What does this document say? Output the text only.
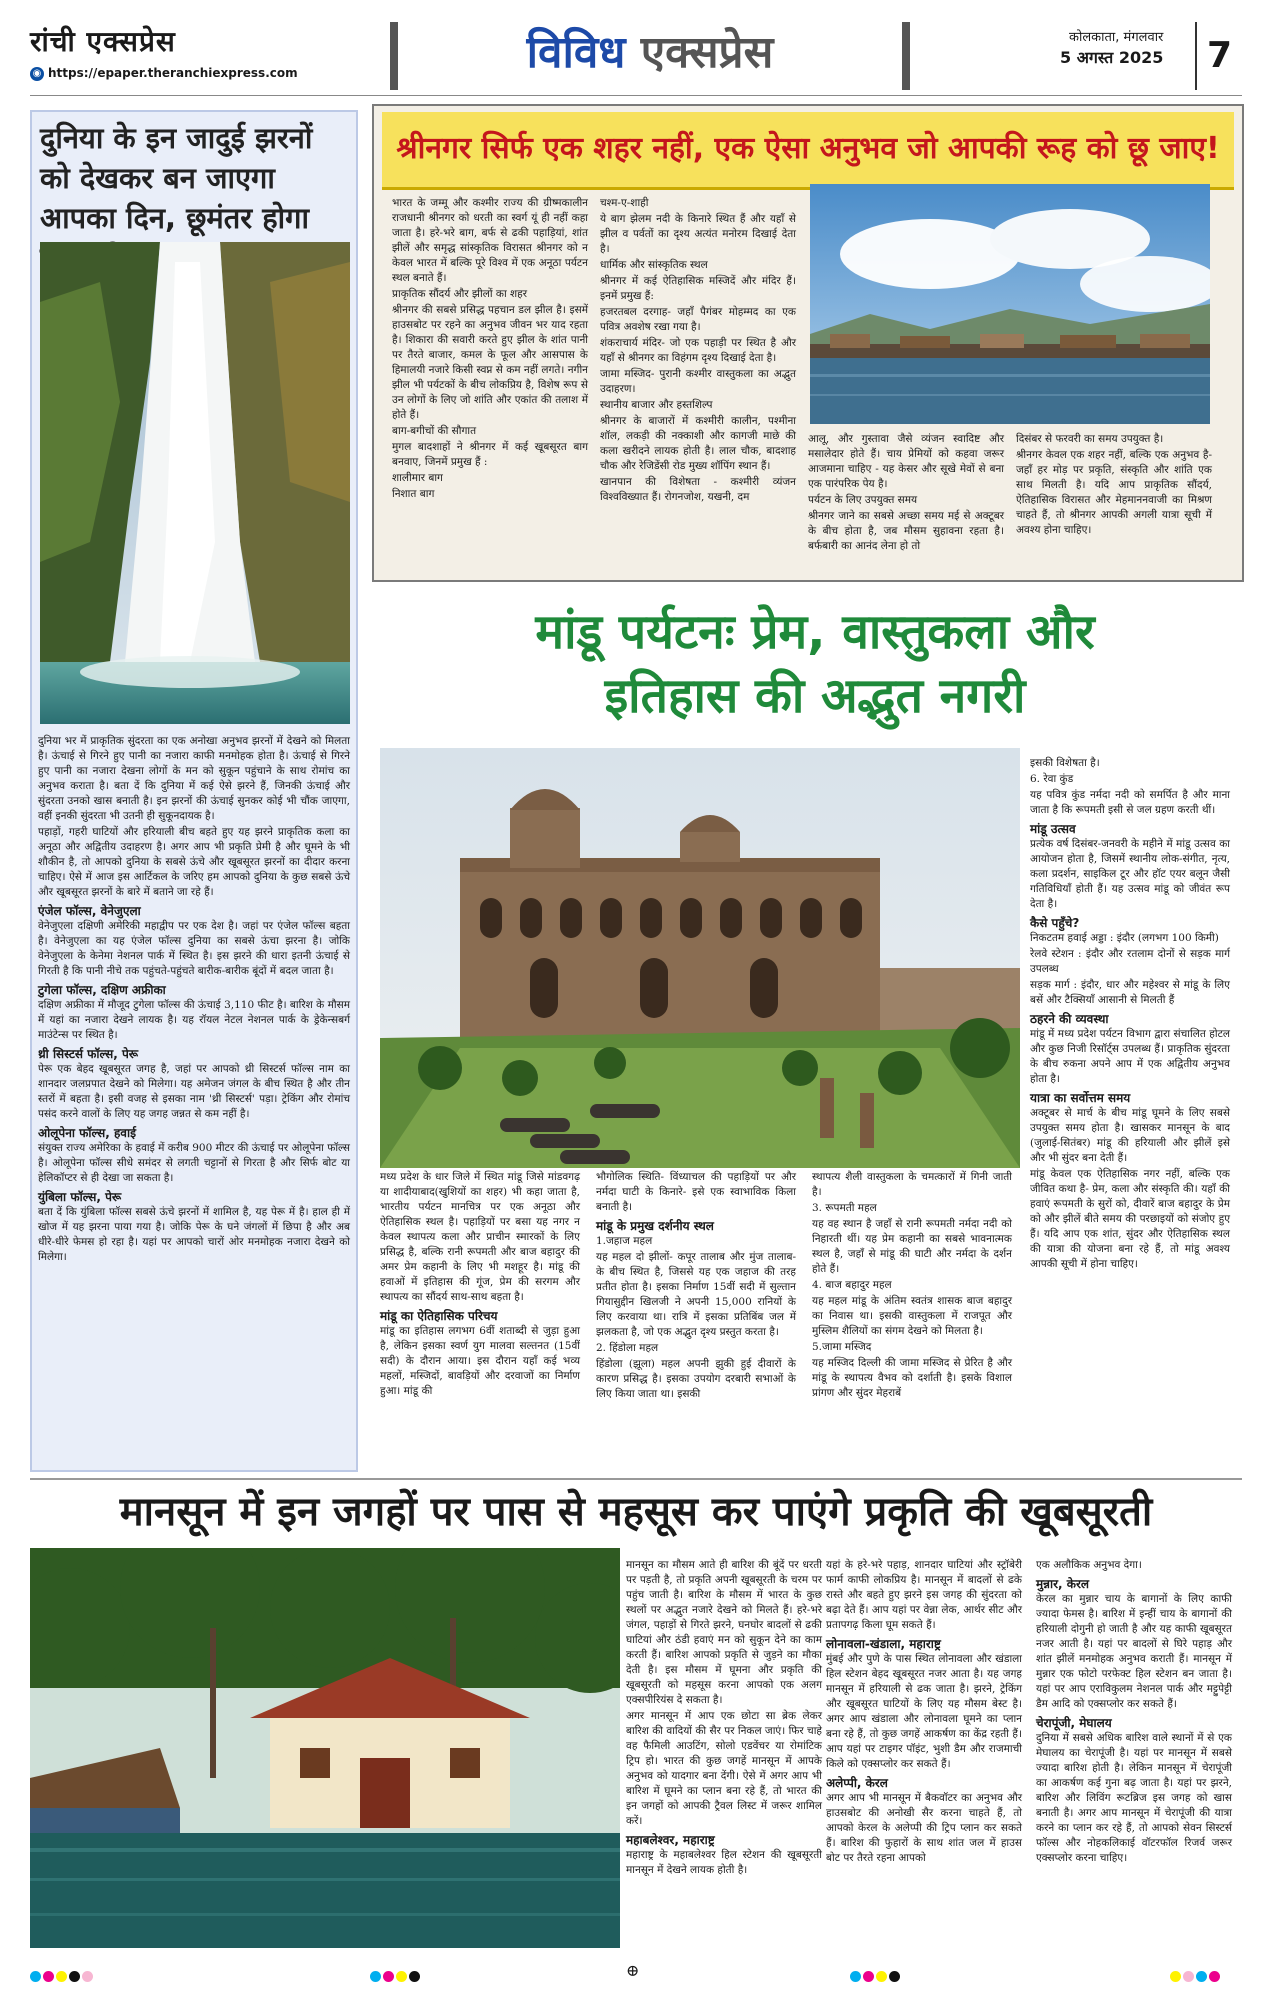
रांची एक्सप्रेस
◉ https://epaper.theranchiexpress.com	विविध एक्सप्रेस	कोलकाता, मंगलवार
5 अगस्त 2025	7
दुनिया के इन जादुई झरनों को देखकर बन जाएगा आपका दिन, छूमंतर होगा

दुनिया भर में प्राकृतिक सुंदरता का एक अनोखा अनुभव झरनों में देखने को मिलता है। ऊंचाई से गिरने हुए पानी का नजारा काफी मनमोहक होता है। ऊंचाई से गिरने हुए पानी का नजारा देखना लोगों के मन को सुकून पहुंचाने के साथ रोमांच का अनुभव कराता है। बता दें कि दुनिया में कई ऐसे झरने हैं, जिनकी ऊंचाई और सुंदरता उनको खास बनाती है। इन झरनों की ऊंचाई सुनकर कोई भी चौंक जाएगा, वहीं इनकी सुंदरता भी उतनी ही सुकूनदायक है।

पहाड़ों, गहरी घाटियों और हरियाली बीच बहते हुए यह झरने प्राकृतिक कला का अनूठा और अद्वितीय उदाहरण है। अगर आप भी प्रकृति प्रेमी है और घूमने के भी शौकीन है, तो आपको दुनिया के सबसे ऊंचे और खूबसूरत झरनों का दीदार करना चाहिए। ऐसे में आज इस आर्टिकल के जरिए हम आपको दुनिया के कुछ सबसे ऊंचे और खूबसूरत झरनों के बारे में बताने जा रहे हैं।

एंजेल फॉल्स, वेनेजुएला

वेनेजुएला दक्षिणी अमेरिकी महाद्वीप पर एक देश है। जहां पर एंजेल फॉल्स बहता है। वेनेजुएला का यह एंजेल फॉल्स दुनिया का सबसे ऊंचा झरना है। जोकि वेनेजुएला के केनेमा नेशनल पार्क में स्थित है। इस झरने की धारा इतनी ऊंचाई से गिरती है कि पानी नीचे तक पहुंचते-पहुंचते बारीक-बारीक बूंदों में बदल जाता है।

टुगेला फॉल्स, दक्षिण अफ्रीका

दक्षिण अफ्रीका में मौजूद टुगेला फॉल्स की ऊंचाई 3,110 फीट है। बारिश के मौसम में यहां का नजारा देखने लायक है। यह रॉयल नेटल नेशनल पार्क के ड्रेकेन्सबर्ग माउंटेन्स पर स्थित है।

थ्री सिस्टर्स फॉल्स, पेरू

पेरू एक बेहद खूबसूरत जगह है, जहां पर आपको थ्री सिस्टर्स फॉल्स नाम का शानदार जलप्रपात देखने को मिलेगा। यह अमेजन जंगल के बीच स्थित है और तीन स्तरों में बहता है। इसी वजह से इसका नाम 'थ्री सिस्टर्स' पड़ा। ट्रेकिंग और रोमांच पसंद करने वालों के लिए यह जगह जन्नत से कम नहीं है।

ओलूपेना फॉल्स, हवाई

संयुक्त राज्य अमेरिका के हवाई में करीब 900 मीटर की ऊंचाई पर ओलूपेना फॉल्स है। ओलूपेना फॉल्स सीधे समंदर से लगती चट्टानों से गिरता है और सिर्फ बोट या हेलिकॉप्टर से ही देखा जा सकता है।

युंबिला फॉल्स, पेरू

बता दें कि युंबिला फॉल्स सबसे ऊंचे झरनों में शामिल है, यह पेरू में है। हाल ही में खोज में यह झरना पाया गया है। जोकि पेरू के घने जंगलों में छिपा है और अब धीरे-धीरे फेमस हो रहा है। यहां पर आपको चारों ओर मनमोहक नजारा देखने को मिलेगा।

श्रीनगर सिर्फ एक शहर नहीं, एक ऐसा अनुभव जो आपकी रूह को छू जाए!

भारत के जम्मू और कश्मीर राज्य की ग्रीष्मकालीन राजधानी श्रीनगर को धरती का स्वर्ग यूं ही नहीं कहा जाता है। हरे-भरे बाग, बर्फ से ढकी पहाड़ियां, शांत झीलें और समृद्ध सांस्कृतिक विरासत श्रीनगर को न केवल भारत में बल्कि पूरे विश्व में एक अनूठा पर्यटन स्थल बनाते हैं।

प्राकृतिक सौंदर्य और झीलों का शहर

श्रीनगर की सबसे प्रसिद्ध पहचान डल झील है। इसमें हाउसबोट पर रहने का अनुभव जीवन भर याद रहता है। शिकारा की सवारी करते हुए झील के शांत पानी पर तैरते बाजार, कमल के फूल और आसपास के हिमालयी नजारे किसी स्वप्न से कम नहीं लगते। नगीन झील भी पर्यटकों के बीच लोकप्रिय है, विशेष रूप से उन लोगों के लिए जो शांति और एकांत की तलाश में होते हैं।

बाग-बगीचों की सौगात

मुगल बादशाहों ने श्रीनगर में कई खूबसूरत बाग बनवाए, जिनमें प्रमुख हैं :

शालीमार बाग

निशात बाग

चश्म-ए-शाही

ये बाग झेलम नदी के किनारे स्थित हैं और यहाँ से झील व पर्वतों का दृश्य अत्यंत मनोरम दिखाई देता है।

धार्मिक और सांस्कृतिक स्थल

श्रीनगर में कई ऐतिहासिक मस्जिदें और मंदिर हैं। इनमें प्रमुख हैं:

हजरतबल दरगाह- जहाँ पैगंबर मोहम्मद का एक पवित्र अवशेष रखा गया है।

शंकराचार्य मंदिर- जो एक पहाड़ी पर स्थित है और यहाँ से श्रीनगर का विहंगम दृश्य दिखाई देता है।

जामा मस्जिद- पुरानी कश्मीर वास्तुकला का अद्भुत उदाहरण।

स्थानीय बाजार और हस्तशिल्प

श्रीनगर के बाजारों में कश्मीरी कालीन, पश्मीना शॉल, लकड़ी की नक्काशी और कागजी माछे की कला खरीदने लायक होती है। लाल चौक, बादशाह चौक और रेजिडेंसी रोड मुख्य शॉपिंग स्थान हैं।

खानपान की विशेषता - कश्मीरी व्यंजन विश्वविख्यात हैं। रोगनजोश, यखनी, दम

आलू, और गुस्तावा जैसे व्यंजन स्वादिष्ट और मसालेदार होते हैं। चाय प्रेमियों को कहवा जरूर आजमाना चाहिए - यह केसर और सूखे मेवों से बना एक पारंपरिक पेय है।

पर्यटन के लिए उपयुक्त समय

श्रीनगर जाने का सबसे अच्छा समय मई से अक्टूबर के बीच होता है, जब मौसम सुहावना रहता है। बर्फबारी का आनंद लेना हो तो

दिसंबर से फरवरी का समय उपयुक्त है।

श्रीनगर केवल एक शहर नहीं, बल्कि एक अनुभव है- जहाँ हर मोड़ पर प्रकृति, संस्कृति और शांति एक साथ मिलती है। यदि आप प्राकृतिक सौंदर्य, ऐतिहासिक विरासत और मेहमाननवाजी का मिश्रण चाहते हैं, तो श्रीनगर आपकी अगली यात्रा सूची में अवश्य होना चाहिए।

मांडू पर्यटनः प्रेम, वास्तुकला और
इतिहास की अद्भुत नगरी

इसकी विशेषता है।

6. रेवा कुंड

यह पवित्र कुंड नर्मदा नदी को समर्पित है और माना जाता है कि रूपमती इसी से जल ग्रहण करती थीं।

मांडू उत्सव

प्रत्येक वर्ष दिसंबर-जनवरी के महीने में मांडू उत्सव का आयोजन होता है, जिसमें स्थानीय लोक-संगीत, नृत्य, कला प्रदर्शन, साइकिल टूर और हॉट एयर बलून जैसी गतिविधियाँ होती हैं। यह उत्सव मांडू को जीवंत रूप देता है।

कैसे पहुँचे?

निकटतम हवाई अड्डा : इंदौर (लगभग 100 किमी)

रेलवे स्टेशन : इंदौर और रतलाम दोनों से सड़क मार्ग उपलब्ध

सड़क मार्ग : इंदौर, धार और महेश्वर से मांडू के लिए बसें और टैक्सियाँ आसानी से मिलती हैं

ठहरने की व्यवस्था

मांडू में मध्य प्रदेश पर्यटन विभाग द्वारा संचालित होटल और कुछ निजी रिसॉर्ट्स उपलब्ध हैं। प्राकृतिक सुंदरता के बीच रुकना अपने आप में एक अद्वितीय अनुभव होता है।

यात्रा का सर्वोत्तम समय

अक्टूबर से मार्च के बीच मांडू घूमने के लिए सबसे उपयुक्त समय होता है। खासकर मानसून के बाद (जुलाई-सितंबर) मांडू की हरियाली और झीलें इसे और भी सुंदर बना देती हैं।

मांडू केवल एक ऐतिहासिक नगर नहीं, बल्कि एक जीवित कथा है- प्रेम, कला और संस्कृति की। यहाँ की हवाएं रूपमती के सुरों को, दीवारें बाज बहादुर के प्रेम को और झीलें बीते समय की परछाइयों को संजोए हुए हैं। यदि आप एक शांत, सुंदर और ऐतिहासिक स्थल की यात्रा की योजना बना रहे हैं, तो मांडू अवश्य आपकी सूची में होना चाहिए।

मध्य प्रदेश के धार जिले में स्थित मांडू जिसे मांडवगढ़ या शादीयाबाद(खुशियों का शहर) भी कहा जाता है, भारतीय पर्यटन मानचित्र पर एक अनूठा और ऐतिहासिक स्थल है। पहाड़ियों पर बसा यह नगर न केवल स्थापत्य कला और प्राचीन स्मारकों के लिए प्रसिद्ध है, बल्कि रानी रूपमती और बाज बहादुर की अमर प्रेम कहानी के लिए भी मशहूर है। मांडू की हवाओं में इतिहास की गूंज, प्रेम की सरगम और स्थापत्य का सौंदर्य साथ-साथ बहता है।

मांडू का ऐतिहासिक परिचय

मांडू का इतिहास लगभग 6वीं शताब्दी से जुड़ा हुआ है, लेकिन इसका स्वर्ण युग मालवा सल्तनत (15वीं सदी) के दौरान आया। इस दौरान यहाँ कई भव्य महलों, मस्जिदों, बावड़ियों और दरवाजों का निर्माण हुआ। मांडू की

भौगोलिक स्थिति- विंध्याचल की पहाड़ियों पर और नर्मदा घाटी के किनारे- इसे एक स्वाभाविक किला बनाती है।

मांडू के प्रमुख दर्शनीय स्थल

1.जहाज महल

यह महल दो झीलों- कपूर तालाब और मुंज तालाब- के बीच स्थित है, जिससे यह एक जहाज की तरह प्रतीत होता है। इसका निर्माण 15वीं सदी में सुल्तान गियासुद्दीन खिलजी ने अपनी 15,000 रानियों के लिए करवाया था। रात्रि में इसका प्रतिबिंब जल में झलकता है, जो एक अद्भुत दृश्य प्रस्तुत करता है।

2. हिंडोला महल

हिंडोला (झूला) महल अपनी झुकी हुई दीवारों के कारण प्रसिद्ध है। इसका उपयोग दरबारी सभाओं के लिए किया जाता था। इसकी

स्थापत्य शैली वास्तुकला के चमत्कारों में गिनी जाती है।

3. रूपमती महल

यह वह स्थान है जहाँ से रानी रूपमती नर्मदा नदी को निहारती थीं। यह प्रेम कहानी का सबसे भावनात्मक स्थल है, जहाँ से मांडू की घाटी और नर्मदा के दर्शन होते हैं।

4. बाज बहादुर महल

यह महल मांडू के अंतिम स्वतंत्र शासक बाज बहादुर का निवास था। इसकी वास्तुकला में राजपूत और मुस्लिम शैलियों का संगम देखने को मिलता है।

5.जामा मस्जिद

यह मस्जिद दिल्ली की जामा मस्जिद से प्रेरित है और मांडू के स्थापत्य वैभव को दर्शाती है। इसके विशाल प्रांगण और सुंदर मेहराबें

मानसून में इन जगहों पर पास से महसूस कर पाएंगे प्रकृति की खूबसूरती

मानसून का मौसम आते ही बारिश की बूंदें पर धरती पर पड़ती है, तो प्रकृति अपनी खूबसूरती के चरम पर पहुंच जाती है। बारिश के मौसम में भारत के कुछ स्थलों पर अद्भुत नजारे देखने को मिलते हैं। हरे-भरे जंगल, पहाड़ों से गिरते झरने, घनघोर बादलों से ढकी घाटियां और ठंडी हवाएं मन को सुकून देने का काम करती हैं। बारिश आपको प्रकृति से जुड़ने का मौका देती है। इस मौसम में घूमना और प्रकृति की खूबसूरती को महसूस करना आपको एक अलग एक्सपीरियंस दे सकता है।

अगर मानसून में आप एक छोटा सा ब्रेक लेकर बारिश की वादियों की सैर पर निकल जाएं। फिर चाहे वह फैमिली आउटिंग, सोलो एडवेंचर या रोमांटिक ट्रिप हो। भारत की कुछ जगहें मानसून में आपके अनुभव को यादगार बना देंगी। ऐसे में अगर आप भी बारिश में घूमने का प्लान बना रहे हैं, तो भारत की इन जगहों को आपकी ट्रैवल लिस्ट में जरूर शामिल करें।

महाबलेश्वर, महाराष्ट्र

महाराष्ट्र के महाबलेश्वर हिल स्टेशन की खूबसूरती मानसून में देखने लायक होती है।

यहां के हरे-भरे पहाड़, शानदार घाटियां और स्ट्रॉबेरी फार्म काफी लोकप्रिय है। मानसून में बादलों से ढके रास्ते और बहते हुए झरने इस जगह की सुंदरता को बढ़ा देते हैं। आप यहां पर वेन्ना लेक, आर्थर सीट और प्रतापगढ़ किला घूम सकते हैं।

लोनावला-खंडाला, महाराष्ट्र

मुंबई और पुणे के पास स्थित लोनावला और खंडाला हिल स्टेशन बेहद खूबसूरत नजर आता है। यह जगह मानसून में हरियाली से ढक जाता है। झरने, ट्रेकिंग और खूबसूरत घाटियों के लिए यह मौसम बेस्ट है। अगर आप खंडाला और लोनावला घूमने का प्लान बना रहे हैं, तो कुछ जगहें आकर्षण का केंद्र रहती हैं। आप यहां पर टाइगर पॉइंट, भुशी डैम और राजमाची किले को एक्सप्लोर कर सकते हैं।

अलेप्पी, केरल

अगर आप भी मानसून में बैकवॉटर का अनुभव और हाउसबोट की अनोखी सैर करना चाहते हैं, तो आपको केरल के अलेप्पी की ट्रिप प्लान कर सकते हैं। बारिश की फुहारों के साथ शांत जल में हाउस बोट पर तैरते रहना आपको

एक अलौकिक अनुभव देगा।

मुन्नार, केरल

केरल का मुन्नार चाय के बागानों के लिए काफी ज्यादा फेमस है। बारिश में इन्हीं चाय के बागानों की हरियाली दोगुनी हो जाती है और यह काफी खूबसूरत नजर आती है। यहां पर बादलों से घिरे पहाड़ और शांत झीलें मनमोहक अनुभव कराती हैं। मानसून में मुन्नार एक फोटो परफेक्ट हिल स्टेशन बन जाता है। यहां पर आप एराविकुलम नेशनल पार्क और मट्टुपेट्टी डैम आदि को एक्सप्लोर कर सकते हैं।

चेरापूंजी, मेघालय

दुनिया में सबसे अधिक बारिश वाले स्थानों में से एक मेघालय का चेरापूंजी है। यहां पर मानसून में सबसे ज्यादा बारिश होती है। लेकिन मानसून में चेरापूंजी का आकर्षण कई गुना बढ़ जाता है। यहां पर झरने, बारिश और लिविंग रूटब्रिज इस जगह को खास बनाती है। अगर आप मानसून में चेरापूंजी की यात्रा करने का प्लान कर रहे हैं, तो आपको सेवन सिस्टर्स फॉल्स और नोहकलिकाई वॉटरफॉल रिजर्व जरूर एक्सप्लोर करना चाहिए।

⊕
